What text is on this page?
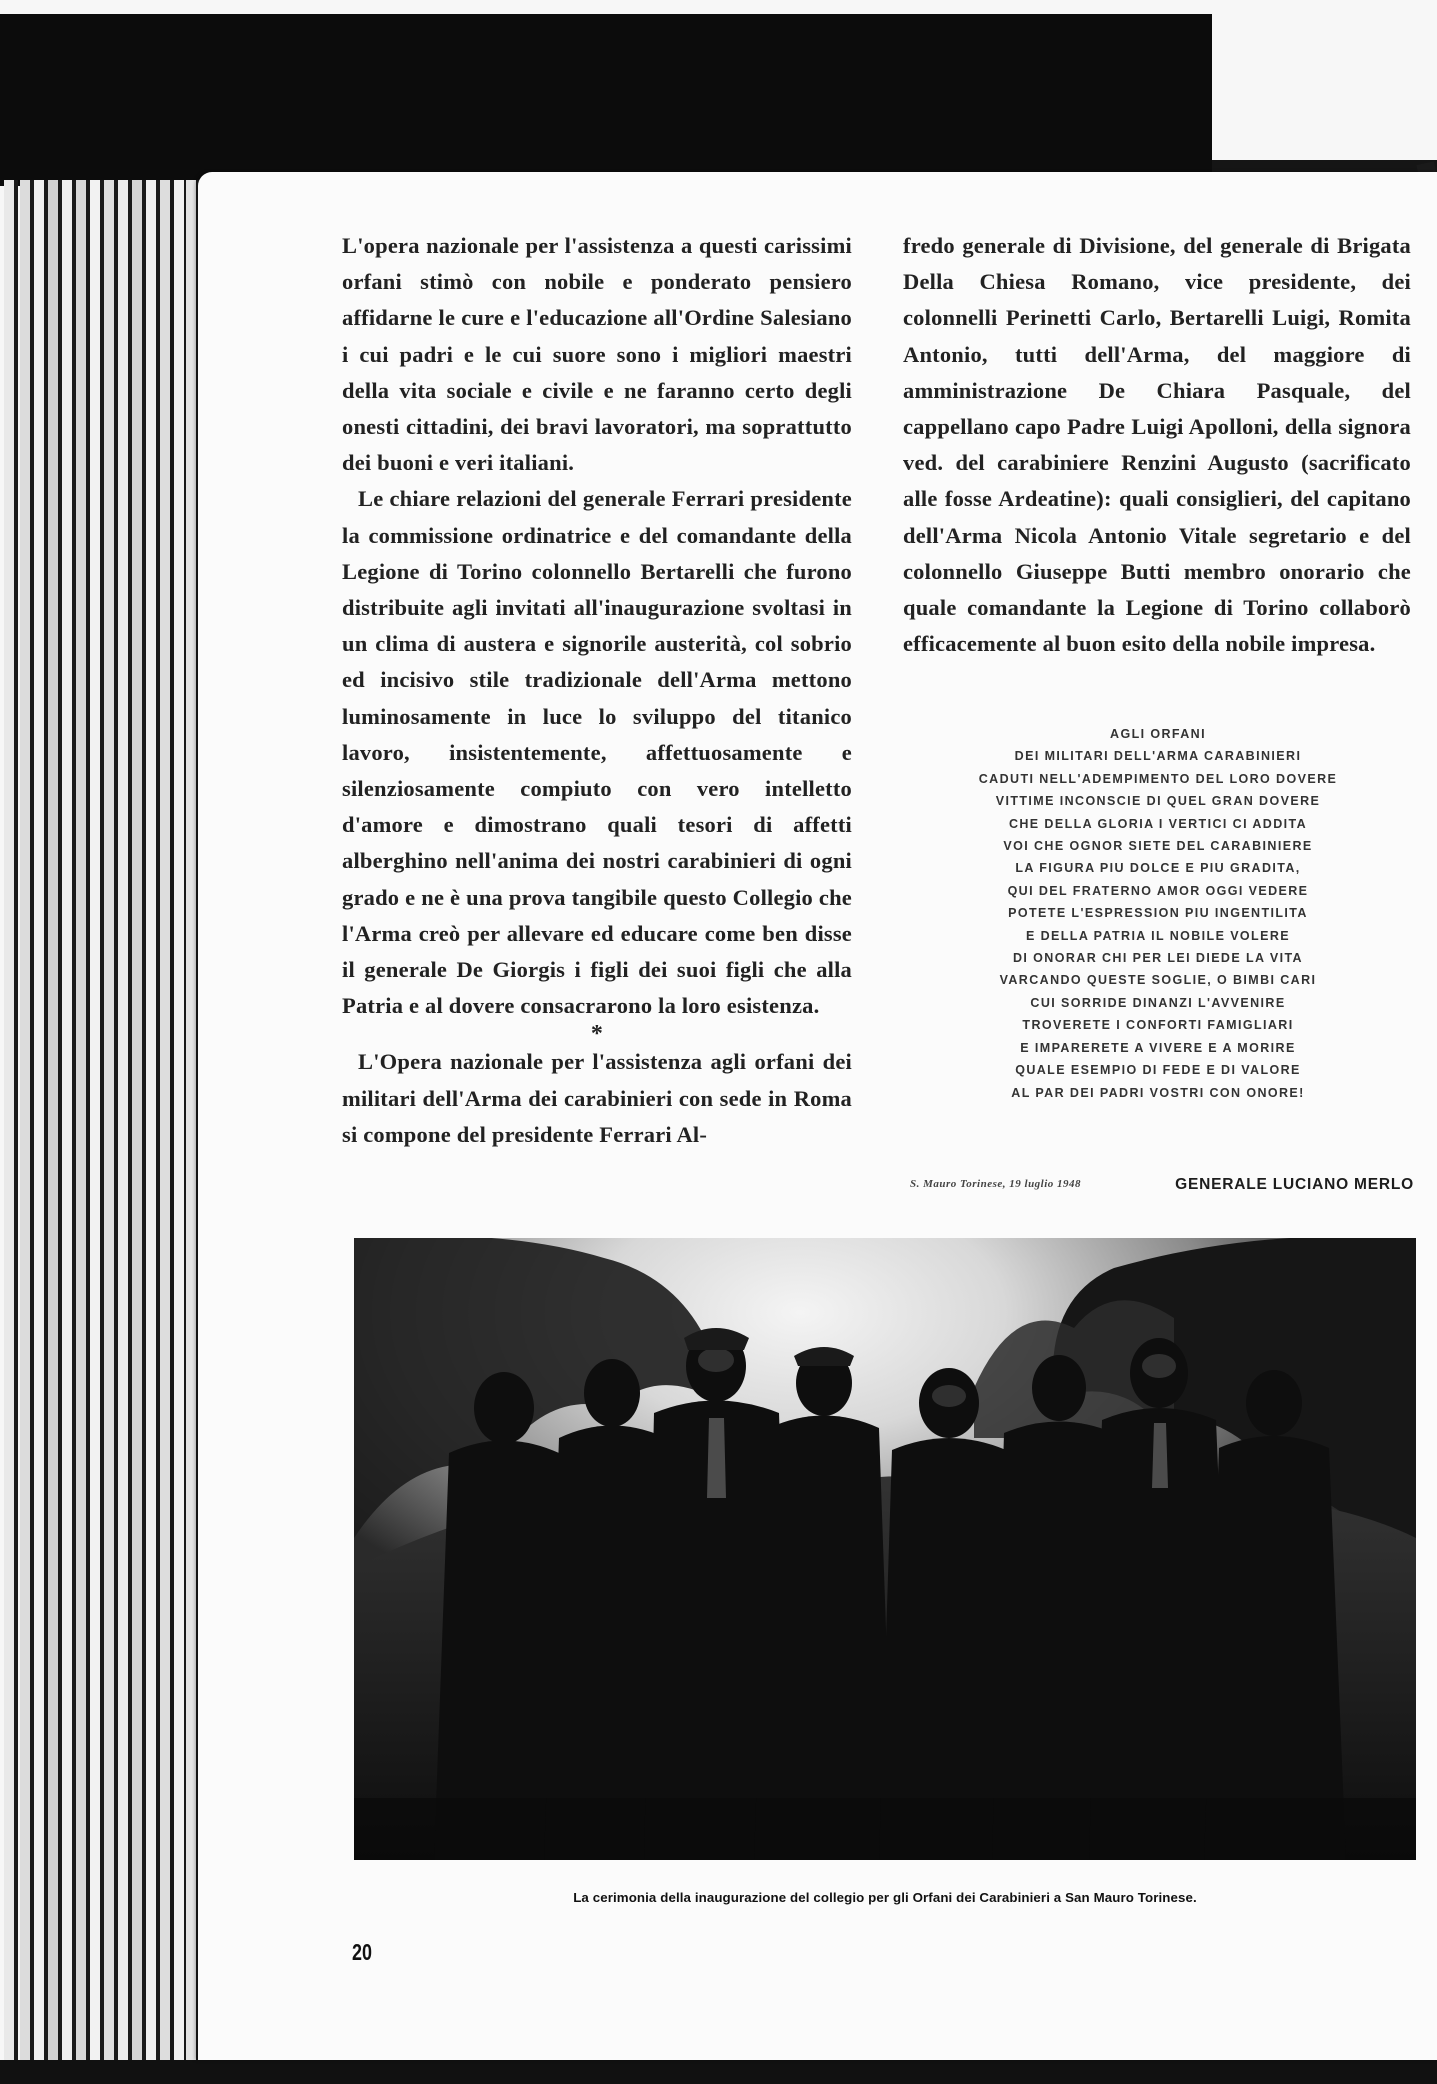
L'opera nazionale per l'assistenza a questi carissimi orfani stimò con nobile e ponderato pensiero affidarne le cure e l'educazione all'Ordine Salesiano i cui padri e le cui suore sono i migliori maestri della vita sociale e civile e ne faranno certo degli onesti cittadini, dei bravi lavoratori, ma soprattutto dei buoni e veri italiani.

Le chiare relazioni del generale Ferrari presidente la commissione ordinatrice e del comandante della Legione di Torino colonnello Bertarelli che furono distribuite agli invitati all'inaugurazione svoltasi in un clima di austera e signorile austerità, col sobrio ed incisivo stile tradizionale dell'Arma mettono luminosamente in luce lo sviluppo del titanico lavoro, insistentemente, affettuosamente e silenziosamente compiuto con vero intelletto d'amore e dimostrano quali tesori di affetti alberghino nell'anima dei nostri carabinieri di ogni grado e ne è una prova tangibile questo Collegio che l'Arma creò per allevare ed educare come ben disse il generale De Giorgis i figli dei suoi figli che alla Patria e al dovere consacrarono la loro esistenza.

*

L'Opera nazionale per l'assistenza agli orfani dei militari dell'Arma dei carabinieri con sede in Roma si compone del presidente Ferrari Al-

fredo generale di Divisione, del generale di Brigata Della Chiesa Romano, vice presidente, dei colonnelli Perinetti Carlo, Bertarelli Luigi, Romita Antonio, tutti dell'Arma, del maggiore di amministrazione De Chiara Pasquale, del cappellano capo Padre Luigi Apolloni, della signora ved. del carabiniere Renzini Augusto (sacrificato alle fosse Ardeatine): quali consiglieri, del capitano dell'Arma Nicola Antonio Vitale segretario e del colonnello Giuseppe Butti membro onorario che quale comandante la Legione di Torino collaborò efficacemente al buon esito della nobile impresa.

AGLI ORFANI
DEI MILITARI DELL'ARMA CARABINIERI
CADUTI NELL'ADEMPIMENTO DEL LORO DOVERE
VITTIME INCONSCIE DI QUEL GRAN DOVERE
CHE DELLA GLORIA I VERTICI CI ADDITA
VOI CHE OGNOR SIETE DEL CARABINIERE
LA FIGURA PIU DOLCE E PIU GRADITA,
QUI DEL FRATERNO AMOR OGGI VEDERE
POTETE L'ESPRESSION PIU INGENTILITA
E DELLA PATRIA IL NOBILE VOLERE
DI ONORAR CHI PER LEI DIEDE LA VITA
VARCANDO QUESTE SOGLIE, O BIMBI CARI
CUI SORRIDE DINANZI L'AVVENIRE
TROVERETE I CONFORTI FAMIGLIARI
E IMPARERETE A VIVERE E A MORIRE
QUALE ESEMPIO DI FEDE E DI VALORE
AL PAR DEI PADRI VOSTRI CON ONORE!
S. Mauro Torinese, 19 luglio 1948	GENERALE LUCIANO MERLO
La cerimonia della inaugurazione del collegio per gli Orfani dei Carabinieri a San Mauro Torinese.
20
